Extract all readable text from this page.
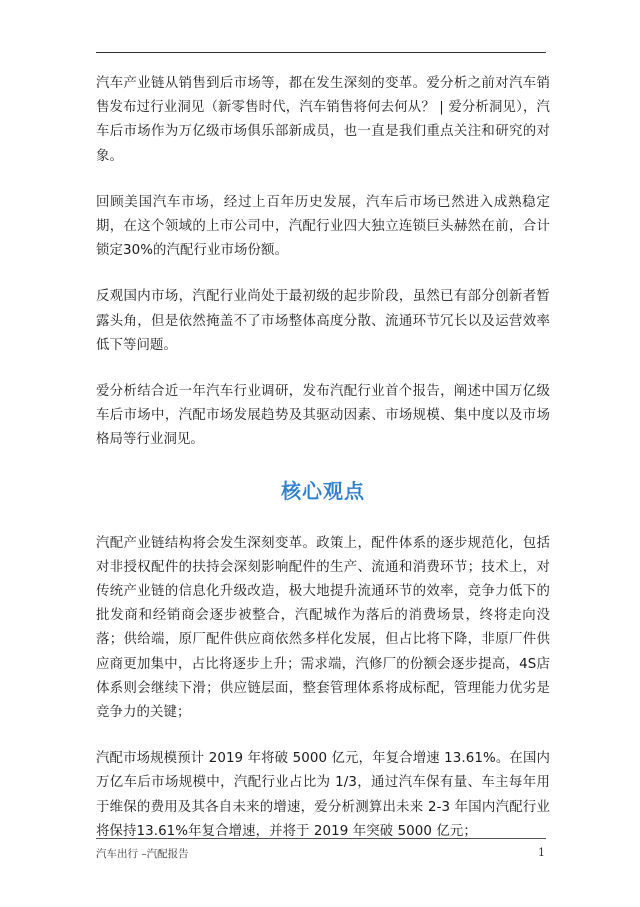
汽车产业链从销售到后市场等，都在发生深刻的变革。爱分析之前对汽车销售发布过行业洞见（新零售时代，汽车销售将何去何从？ | 爱分析洞见），汽车后市场作为万亿级市场俱乐部新成员，也一直是我们重点关注和研究的对象。

回顾美国汽车市场，经过上百年历史发展，汽车后市场已然进入成熟稳定期，在这个领域的上市公司中，汽配行业四大独立连锁巨头赫然在前，合计锁定30%的汽配行业市场份额。

反观国内市场，汽配行业尚处于最初级的起步阶段，虽然已有部分创新者暂露头角，但是依然掩盖不了市场整体高度分散、流通环节冗长以及运营效率低下等问题。

爱分析结合近一年汽车行业调研，发布汽配行业首个报告，阐述中国万亿级车后市场中，汽配市场发展趋势及其驱动因素、市场规模、集中度以及市场格局等行业洞见。

核心观点

汽配产业链结构将会发生深刻变革。政策上，配件体系的逐步规范化，包括对非授权配件的扶持会深刻影响配件的生产、流通和消费环节；技术上，对传统产业链的信息化升级改造，极大地提升流通环节的效率，竞争力低下的批发商和经销商会逐步被整合，汽配城作为落后的消费场景，终将走向没落；供给端，原厂配件供应商依然多样化发展，但占比将下降，非原厂件供应商更加集中，占比将逐步上升；需求端，汽修厂的份额会逐步提高，4S店体系则会继续下滑；供应链层面，整套管理体系将成标配，管理能力优劣是竞争力的关键；

汽配市场规模预计 2019 年将破 5000 亿元，年复合增速 13.61%。在国内万亿车后市场规模中，汽配行业占比为 1/3，通过汽车保有量、车主每年用于维保的费用及其各自未来的增速，爱分析测算出未来 2-3 年国内汽配行业将保持13.61%年复合增速，并将于 2019 年突破 5000 亿元；

汽车出行 –汽配报告	1
